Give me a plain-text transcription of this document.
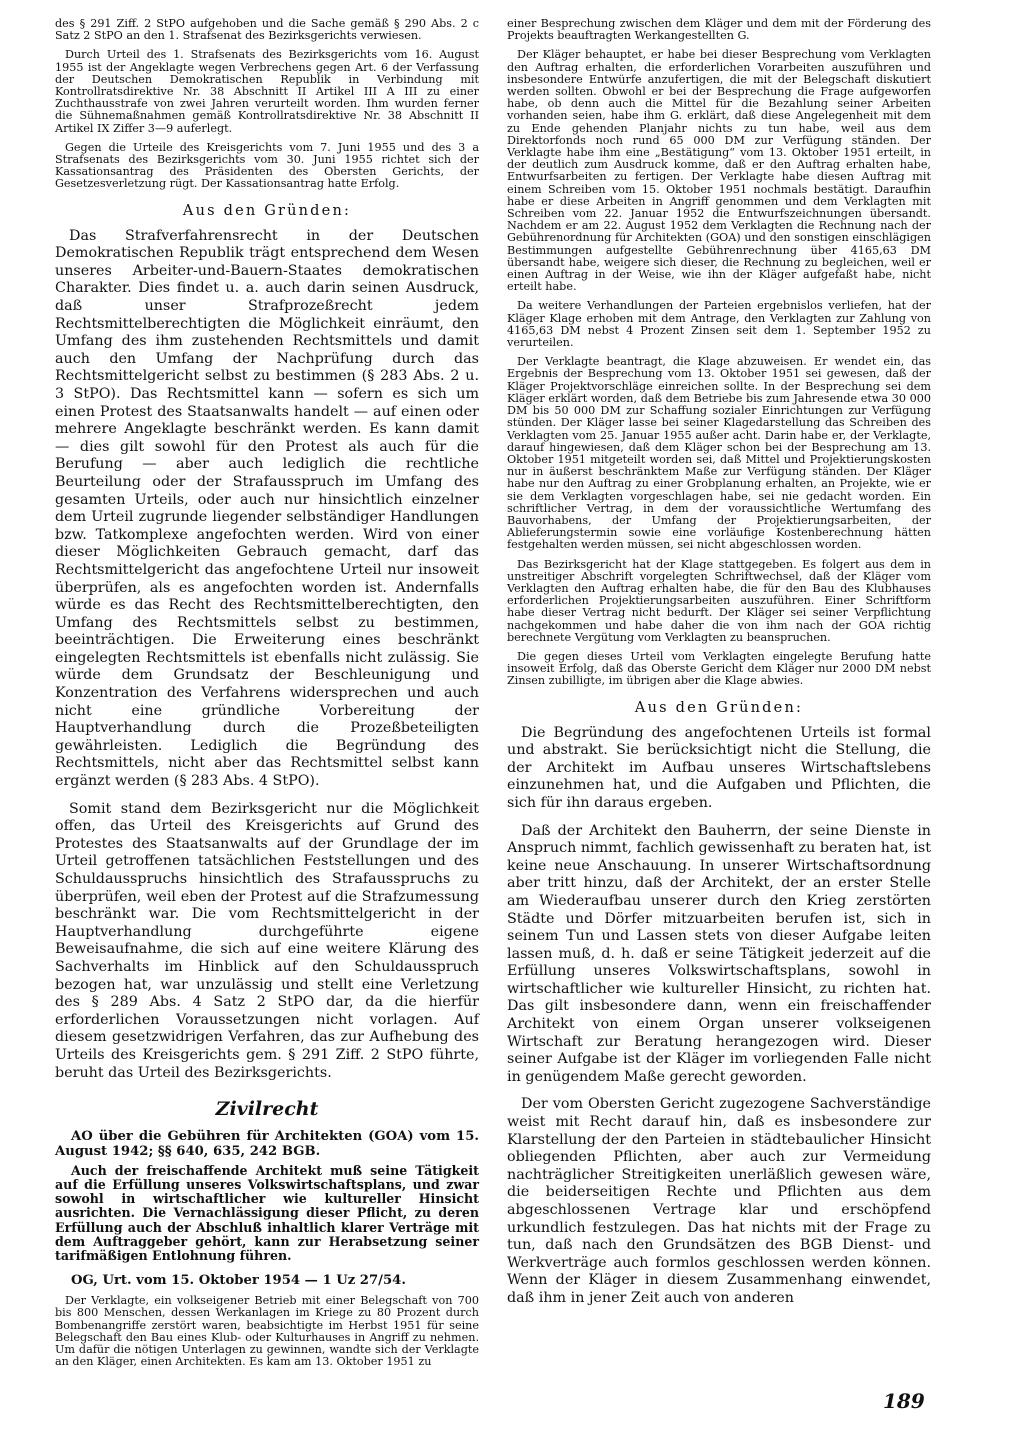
des § 291 Ziff. 2 StPO aufgehoben und die Sache gemäß § 290 Abs. 2 c Satz 2 StPO an den 1. Strafsenat des Bezirksgerichts verwiesen.

Durch Urteil des 1. Strafsenats des Bezirksgerichts vom 16. August 1955 ist der Angeklagte wegen Verbrechens gegen Art. 6 der Verfassung der Deutschen Demokratischen Republik in Verbindung mit Kontrollratsdirektive Nr. 38 Abschnitt II Artikel III A III zu einer Zuchthausstrafe von zwei Jahren verurteilt worden. Ihm wurden ferner die Sühnemaßnahmen gemäß Kontrollratsdirektive Nr. 38 Abschnitt II Artikel IX Ziffer 3—9 auferlegt.

Gegen die Urteile des Kreisgerichts vom 7. Juni 1955 und des 3 a Strafsenats des Bezirksgerichts vom 30. Juni 1955 richtet sich der Kassationsantrag des Präsidenten des Obersten Gerichts, der Gesetzesverletzung rügt. Der Kassationsantrag hatte Erfolg.

Aus den Gründen:

Das Strafverfahrensrecht in der Deutschen Demokratischen Republik trägt entsprechend dem Wesen unseres Arbeiter-und-Bauern-Staates demokratischen Charakter. Dies findet u. a. auch darin seinen Ausdruck, daß unser Strafprozeßrecht jedem Rechtsmittelberechtigten die Möglichkeit einräumt, den Umfang des ihm zustehenden Rechtsmittels und damit auch den Umfang der Nachprüfung durch das Rechtsmittelgericht selbst zu bestimmen (§ 283 Abs. 2 u. 3 StPO). Das Rechtsmittel kann — sofern es sich um einen Protest des Staatsanwalts handelt — auf einen oder mehrere Angeklagte beschränkt werden. Es kann damit — dies gilt sowohl für den Protest als auch für die Berufung — aber auch lediglich die rechtliche Beurteilung oder der Strafausspruch im Umfang des gesamten Urteils, oder auch nur hinsichtlich einzelner dem Urteil zugrunde liegender selbständiger Handlungen bzw. Tatkomplexe angefochten werden. Wird von einer dieser Möglichkeiten Gebrauch gemacht, darf das Rechtsmittelgericht das angefochtene Urteil nur insoweit überprüfen, als es angefochten worden ist. Andernfalls würde es das Recht des Rechtsmittelberechtigten, den Umfang des Rechtsmittels selbst zu bestimmen, beeinträchtigen. Die Erweiterung eines beschränkt eingelegten Rechtsmittels ist ebenfalls nicht zulässig. Sie würde dem Grundsatz der Beschleunigung und Konzentration des Verfahrens widersprechen und auch nicht eine gründliche Vorbereitung der Hauptverhandlung durch die Prozeßbeteiligten gewährleisten. Lediglich die Begründung des Rechtsmittels, nicht aber das Rechtsmittel selbst kann ergänzt werden (§ 283 Abs. 4 StPO).

Somit stand dem Bezirksgericht nur die Möglichkeit offen, das Urteil des Kreisgerichts auf Grund des Protestes des Staatsanwalts auf der Grundlage der im Urteil getroffenen tatsächlichen Feststellungen und des Schuldausspruchs hinsichtlich des Strafausspruchs zu überprüfen, weil eben der Protest auf die Strafzumessung beschränkt war. Die vom Rechtsmittelgericht in der Hauptverhandlung durchgeführte eigene Beweisaufnahme, die sich auf eine weitere Klärung des Sachverhalts im Hinblick auf den Schuldausspruch bezogen hat, war unzulässig und stellt eine Verletzung des § 289 Abs. 4 Satz 2 StPO dar, da die hierfür erforderlichen Voraussetzungen nicht vorlagen. Auf diesem gesetzwidrigen Verfahren, das zur Aufhebung des Urteils des Kreisgerichts gem. § 291 Ziff. 2 StPO führte, beruht das Urteil des Bezirksgerichts.

Zivilrecht

AO über die Gebühren für Architekten (GOA) vom 15. August 1942; §§ 640, 635, 242 BGB.

Auch der freischaffende Architekt muß seine Tätigkeit auf die Erfüllung unseres Volkswirtschaftsplans, und zwar sowohl in wirtschaftlicher wie kultureller Hinsicht ausrichten. Die Vernachlässigung dieser Pflicht, zu deren Erfüllung auch der Abschluß inhaltlich klarer Verträge mit dem Auftraggeber gehört, kann zur Herabsetzung seiner tarifmäßigen Entlohnung führen.

OG, Urt. vom 15. Oktober 1954 — 1 Uz 27/54.

Der Verklagte, ein volkseigener Betrieb mit einer Belegschaft von 700 bis 800 Menschen, dessen Werkanlagen im Kriege zu 80 Prozent durch Bombenangriffe zerstört waren, beabsichtigte im Herbst 1951 für seine Belegschaft den Bau eines Klub- oder Kulturhauses in Angriff zu nehmen. Um dafür die nötigen Unterlagen zu gewinnen, wandte sich der Verklagte an den Kläger, einen Architekten. Es kam am 13. Oktober 1951 zu

einer Besprechung zwischen dem Kläger und dem mit der Förderung des Projekts beauftragten Werkangestellten G.

Der Kläger behauptet, er habe bei dieser Besprechung vom Verklagten den Auftrag erhalten, die erforderlichen Vorarbeiten auszuführen und insbesondere Entwürfe anzufertigen, die mit der Belegschaft diskutiert werden sollten. Obwohl er bei der Besprechung die Frage aufgeworfen habe, ob denn auch die Mittel für die Bezahlung seiner Arbeiten vorhanden seien, habe ihm G. erklärt, daß diese Angelegenheit mit dem zu Ende gehenden Planjahr nichts zu tun habe, weil aus dem Direktorfonds noch rund 65 000 DM zur Verfügung ständen. Der Verklagte habe ihm eine „Bestätigung“ vom 13. Oktober 1951 erteilt, in der deutlich zum Ausdruck komme, daß er den Auftrag erhalten habe, Entwurfsarbeiten zu fertigen. Der Verklagte habe diesen Auftrag mit einem Schreiben vom 15. Oktober 1951 nochmals bestätigt. Daraufhin habe er diese Arbeiten in Angriff genommen und dem Verklagten mit Schreiben vom 22. Januar 1952 die Entwurfszeichnungen übersandt. Nachdem er am 22. August 1952 dem Verklagten die Rechnung nach der Gebührenordnung für Architekten (GOA) und den sonstigen einschlägigen Bestimmungen aufgestellte Gebührenrechnung über 4165,63 DM übersandt habe, weigere sich dieser, die Rechnung zu begleichen, weil er einen Auftrag in der Weise, wie ihn der Kläger aufgefaßt habe, nicht erteilt habe.

Da weitere Verhandlungen der Parteien ergebnislos verliefen, hat der Kläger Klage erhoben mit dem Antrage, den Verklagten zur Zahlung von 4165,63 DM nebst 4 Prozent Zinsen seit dem 1. September 1952 zu verurteilen.

Der Verklagte beantragt, die Klage abzuweisen. Er wendet ein, das Ergebnis der Besprechung vom 13. Oktober 1951 sei gewesen, daß der Kläger Projektvorschläge einreichen sollte. In der Besprechung sei dem Kläger erklärt worden, daß dem Betriebe bis zum Jahresende etwa 30 000 DM bis 50 000 DM zur Schaffung sozialer Einrichtungen zur Verfügung stünden. Der Kläger lasse bei seiner Klagedarstellung das Schreiben des Verklagten vom 25. Januar 1955 außer acht. Darin habe er, der Verklagte, darauf hingewiesen, daß dem Kläger schon bei der Besprechung am 13. Oktober 1951 mitgeteilt worden sei, daß Mittel und Projektierungskosten nur in äußerst beschränktem Maße zur Verfügung ständen. Der Kläger habe nur den Auftrag zu einer Grobplanung erhalten, an Projekte, wie er sie dem Verklagten vorgeschlagen habe, sei nie gedacht worden. Ein schriftlicher Vertrag, in dem der voraussichtliche Wertumfang des Bauvorhabens, der Umfang der Projektierungsarbeiten, der Ablieferungstermin sowie eine vorläufige Kostenberechnung hätten festgehalten werden müssen, sei nicht abgeschlossen worden.

Das Bezirksgericht hat der Klage stattgegeben. Es folgert aus dem in unstreitiger Abschrift vorgelegten Schriftwechsel, daß der Kläger vom Verklagten den Auftrag erhalten habe, die für den Bau des Klubhauses erforderlichen Projektierungsarbeiten auszuführen. Einer Schriftform habe dieser Vertrag nicht bedurft. Der Kläger sei seiner Verpflichtung nachgekommen und habe daher die von ihm nach der GOA richtig berechnete Vergütung vom Verklagten zu beanspruchen.

Die gegen dieses Urteil vom Verklagten eingelegte Berufung hatte insoweit Erfolg, daß das Oberste Gericht dem Kläger nur 2000 DM nebst Zinsen zubilligte, im übrigen aber die Klage abwies.

Aus den Gründen:

Die Begründung des angefochtenen Urteils ist formal und abstrakt. Sie berücksichtigt nicht die Stellung, die der Architekt im Aufbau unseres Wirtschaftslebens einzunehmen hat, und die Aufgaben und Pflichten, die sich für ihn daraus ergeben.

Daß der Architekt den Bauherrn, der seine Dienste in Anspruch nimmt, fachlich gewissenhaft zu beraten hat, ist keine neue Anschauung. In unserer Wirtschaftsordnung aber tritt hinzu, daß der Architekt, der an erster Stelle am Wiederaufbau unserer durch den Krieg zerstörten Städte und Dörfer mitzuarbeiten berufen ist, sich in seinem Tun und Lassen stets von dieser Aufgabe leiten lassen muß, d. h. daß er seine Tätigkeit jederzeit auf die Erfüllung unseres Volkswirtschaftsplans, sowohl in wirtschaftlicher wie kultureller Hinsicht, zu richten hat. Das gilt insbesondere dann, wenn ein freischaffender Architekt von einem Organ unserer volkseigenen Wirtschaft zur Beratung herangezogen wird. Dieser seiner Aufgabe ist der Kläger im vorliegenden Falle nicht in genügendem Maße gerecht geworden.

Der vom Obersten Gericht zugezogene Sachverständige weist mit Recht darauf hin, daß es insbesondere zur Klarstellung der den Parteien in städtebaulicher Hinsicht obliegenden Pflichten, aber auch zur Vermeidung nachträglicher Streitigkeiten unerläßlich gewesen wäre, die beiderseitigen Rechte und Pflichten aus dem abgeschlossenen Vertrage klar und erschöpfend urkundlich festzulegen. Das hat nichts mit der Frage zu tun, daß nach den Grundsätzen des BGB Dienst- und Werkverträge auch formlos geschlossen werden können. Wenn der Kläger in diesem Zusammenhang einwendet, daß ihm in jener Zeit auch von anderen

189
